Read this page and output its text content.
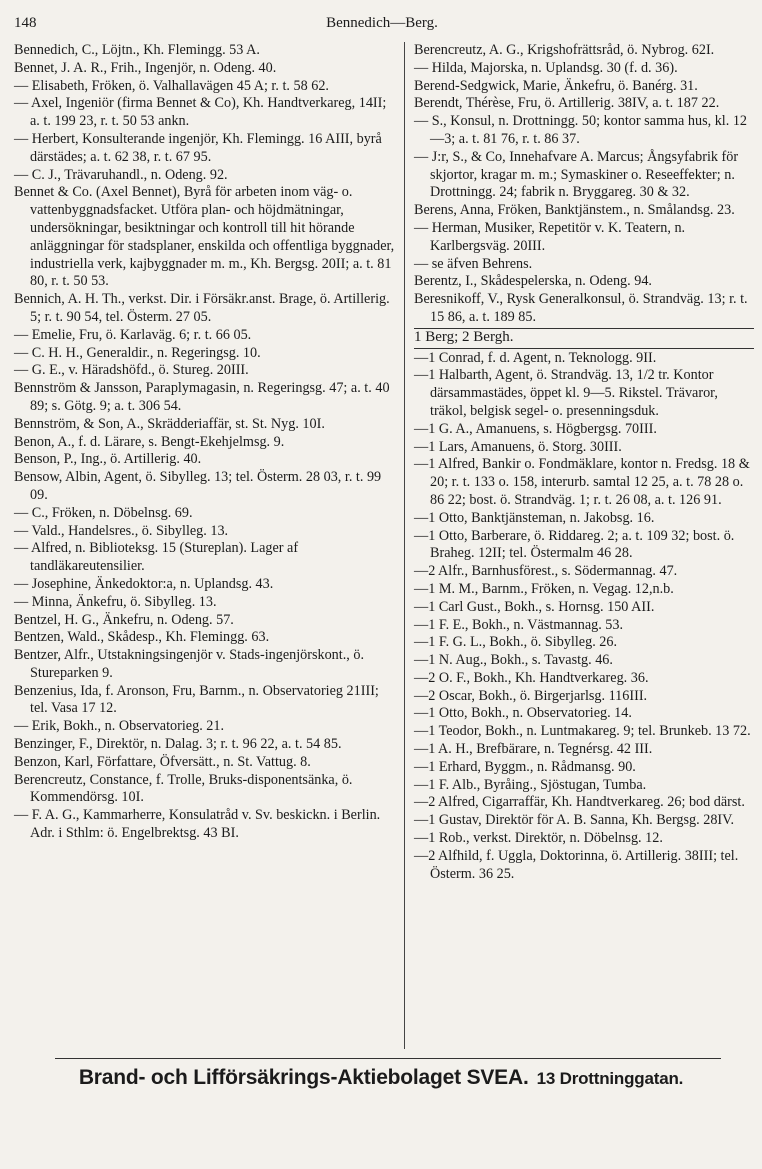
148	Bennedich—Berg.

Bennedich, C., Löjtn., Kh. Flemingg. 53 A.

Bennet, J. A. R., Frih., Ingenjör, n. Odeng. 40.

— Elisabeth, Fröken, ö. Valhallavägen 45 A; r. t. 58 62.

— Axel, Ingeniör (firma Bennet & Co), Kh. Handtverkareg, 14II; a. t. 199 23, r. t. 50 53 ankn.

— Herbert, Konsulterande ingenjör, Kh. Flemingg. 16 AIII, byrå därstädes; a. t. 62 38, r. t. 67 95.

— C. J., Trävaruhandl., n. Odeng. 92.

Bennet & Co. (Axel Bennet), Byrå för arbeten inom väg- o. vattenbyggnadsfacket. Utföra plan- och höjdmätningar, undersökningar, besiktningar och kontroll till hit hörande anläggningar för stadsplaner, enskilda och offentliga byggnader, industriella verk, kajbyggnader m. m., Kh. Bergsg. 20II; a. t. 81 80, r. t. 50 53.

Bennich, A. H. Th., verkst. Dir. i Försäkr.anst. Brage, ö. Artillerig. 5; r. t. 90 54, tel. Österm. 27 05.

— Emelie, Fru, ö. Karlaväg. 6; r. t. 66 05.

— C. H. H., Generaldir., n. Regeringsg. 10.

— G. E., v. Häradshöfd., ö. Stureg. 20III.

Bennström & Jansson, Paraplymagasin, n. Regeringsg. 47; a. t. 40 89; s. Götg. 9; a. t. 306 54.

Bennström, & Son, A., Skrädderiaffär, st. St. Nyg. 10I.

Benon, A., f. d. Lärare, s. Bengt-Ekehjelmsg. 9.

Benson, P., Ing., ö. Artillerig. 40.

Bensow, Albin, Agent, ö. Sibylleg. 13; tel. Österm. 28 03, r. t. 99 09.

— C., Fröken, n. Döbelnsg. 69.

— Vald., Handelsres., ö. Sibylleg. 13.

— Alfred, n. Biblioteksg. 15 (Stureplan). Lager af tandläkareutensilier.

— Josephine, Änkedoktor:a, n. Uplandsg. 43.

— Minna, Änkefru, ö. Sibylleg. 13.

Bentzel, H. G., Änkefru, n. Odeng. 57.

Bentzen, Wald., Skådesp., Kh. Flemingg. 63.

Bentzer, Alfr., Utstakningsingenjör v. Stads-ingenjörskont., ö. Stureparken 9.

Benzenius, Ida, f. Aronson, Fru, Barnm., n. Observatorieg 21III; tel. Vasa 17 12.

— Erik, Bokh., n. Observatorieg. 21.

Benzinger, F., Direktör, n. Dalag. 3; r. t. 96 22, a. t. 54 85.

Benzon, Karl, Författare, Öfversätt., n. St. Vattug. 8.

Berencreutz, Constance, f. Trolle, Bruks-disponentsänka, ö. Kommendörsg. 10I.

— F. A. G., Kammarherre, Konsulatråd v. Sv. beskickn. i Berlin. Adr. i Sthlm: ö. Engelbrektsg. 43 BI.

Berencreutz, A. G., Krigshofrättsråd, ö. Nybrog. 62I.

— Hilda, Majorska, n. Uplandsg. 30 (f. d. 36).

Berend-Sedgwick, Marie, Änkefru, ö. Banérg. 31.

Berendt, Thérèse, Fru, ö. Artillerig. 38IV, a. t. 187 22.

— S., Konsul, n. Drottningg. 50; kontor samma hus, kl. 12—3; a. t. 81 76, r. t. 86 37.

— J:r, S., & Co, Innehafvare A. Marcus; Ångsyfabrik för skjortor, kragar m. m.; Symaskiner o. Reseeffekter; n. Drottningg. 24; fabrik n. Bryggareg. 30 & 32.

Berens, Anna, Fröken, Banktjänstem., n. Smålandsg. 23.

— Herman, Musiker, Repetitör v. K. Teatern, n. Karlbergsväg. 20III.

— se äfven Behrens.

Berentz, I., Skådespelerska, n. Odeng. 94.

Beresnikoff, V., Rysk Generalkonsul, ö. Strandväg. 13; r. t. 15 86, a. t. 189 85.

1 Berg; 2 Bergh.

—1 Conrad, f. d. Agent, n. Teknologg. 9II.

—1 Halbarth, Agent, ö. Strandväg. 13, 1/2 tr. Kontor därsammastädes, öppet kl. 9—5. Rikstel. Trävaror, träkol, belgisk segel- o. presenningsduk.

—1 G. A., Amanuens, s. Högbergsg. 70III.

—1 Lars, Amanuens, ö. Storg. 30III.

—1 Alfred, Bankir o. Fondmäklare, kontor n. Fredsg. 18 & 20; r. t. 133 o. 158, interurb. samtal 12 25, a. t. 78 28 o. 86 22; bost. ö. Strandväg. 1; r. t. 26 08, a. t. 126 91.

—1 Otto, Banktjänsteman, n. Jakobsg. 16.

—1 Otto, Barberare, ö. Riddareg. 2; a. t. 109 32; bost. ö. Braheg. 12II; tel. Östermalm 46 28.

—2 Alfr., Barnhusförest., s. Södermannag. 47.

—1 M. M., Barnm., Fröken, n. Vegag. 12,n.b.

—1 Carl Gust., Bokh., s. Hornsg. 150 AII.

—1 F. E., Bokh., n. Västmannag. 53.

—1 F. G. L., Bokh., ö. Sibylleg. 26.

—1 N. Aug., Bokh., s. Tavastg. 46.

—2 O. F., Bokh., Kh. Handtverkareg. 36.

—2 Oscar, Bokh., ö. Birgerjarlsg. 116III.

—1 Otto, Bokh., n. Observatorieg. 14.

—1 Teodor, Bokh., n. Luntmakareg. 9; tel. Brunkeb. 13 72.

—1 A. H., Brefbärare, n. Tegnérsg. 42 III.

—1 Erhard, Byggm., n. Rådmansg. 90.

—1 F. Alb., Byråing., Sjöstugan, Tumba.

—2 Alfred, Cigarraffär, Kh. Handtverkareg. 26; bod därst.

—1 Gustav, Direktör för A. B. Sanna, Kh. Bergsg. 28IV.

—1 Rob., verkst. Direktör, n. Döbelnsg. 12.

—2 Alfhild, f. Uggla, Doktorinna, ö. Artillerig. 38III; tel. Österm. 36 25.

Brand- och Lifförsäkrings-Aktiebolaget SVEA. 13 Drottninggatan.
